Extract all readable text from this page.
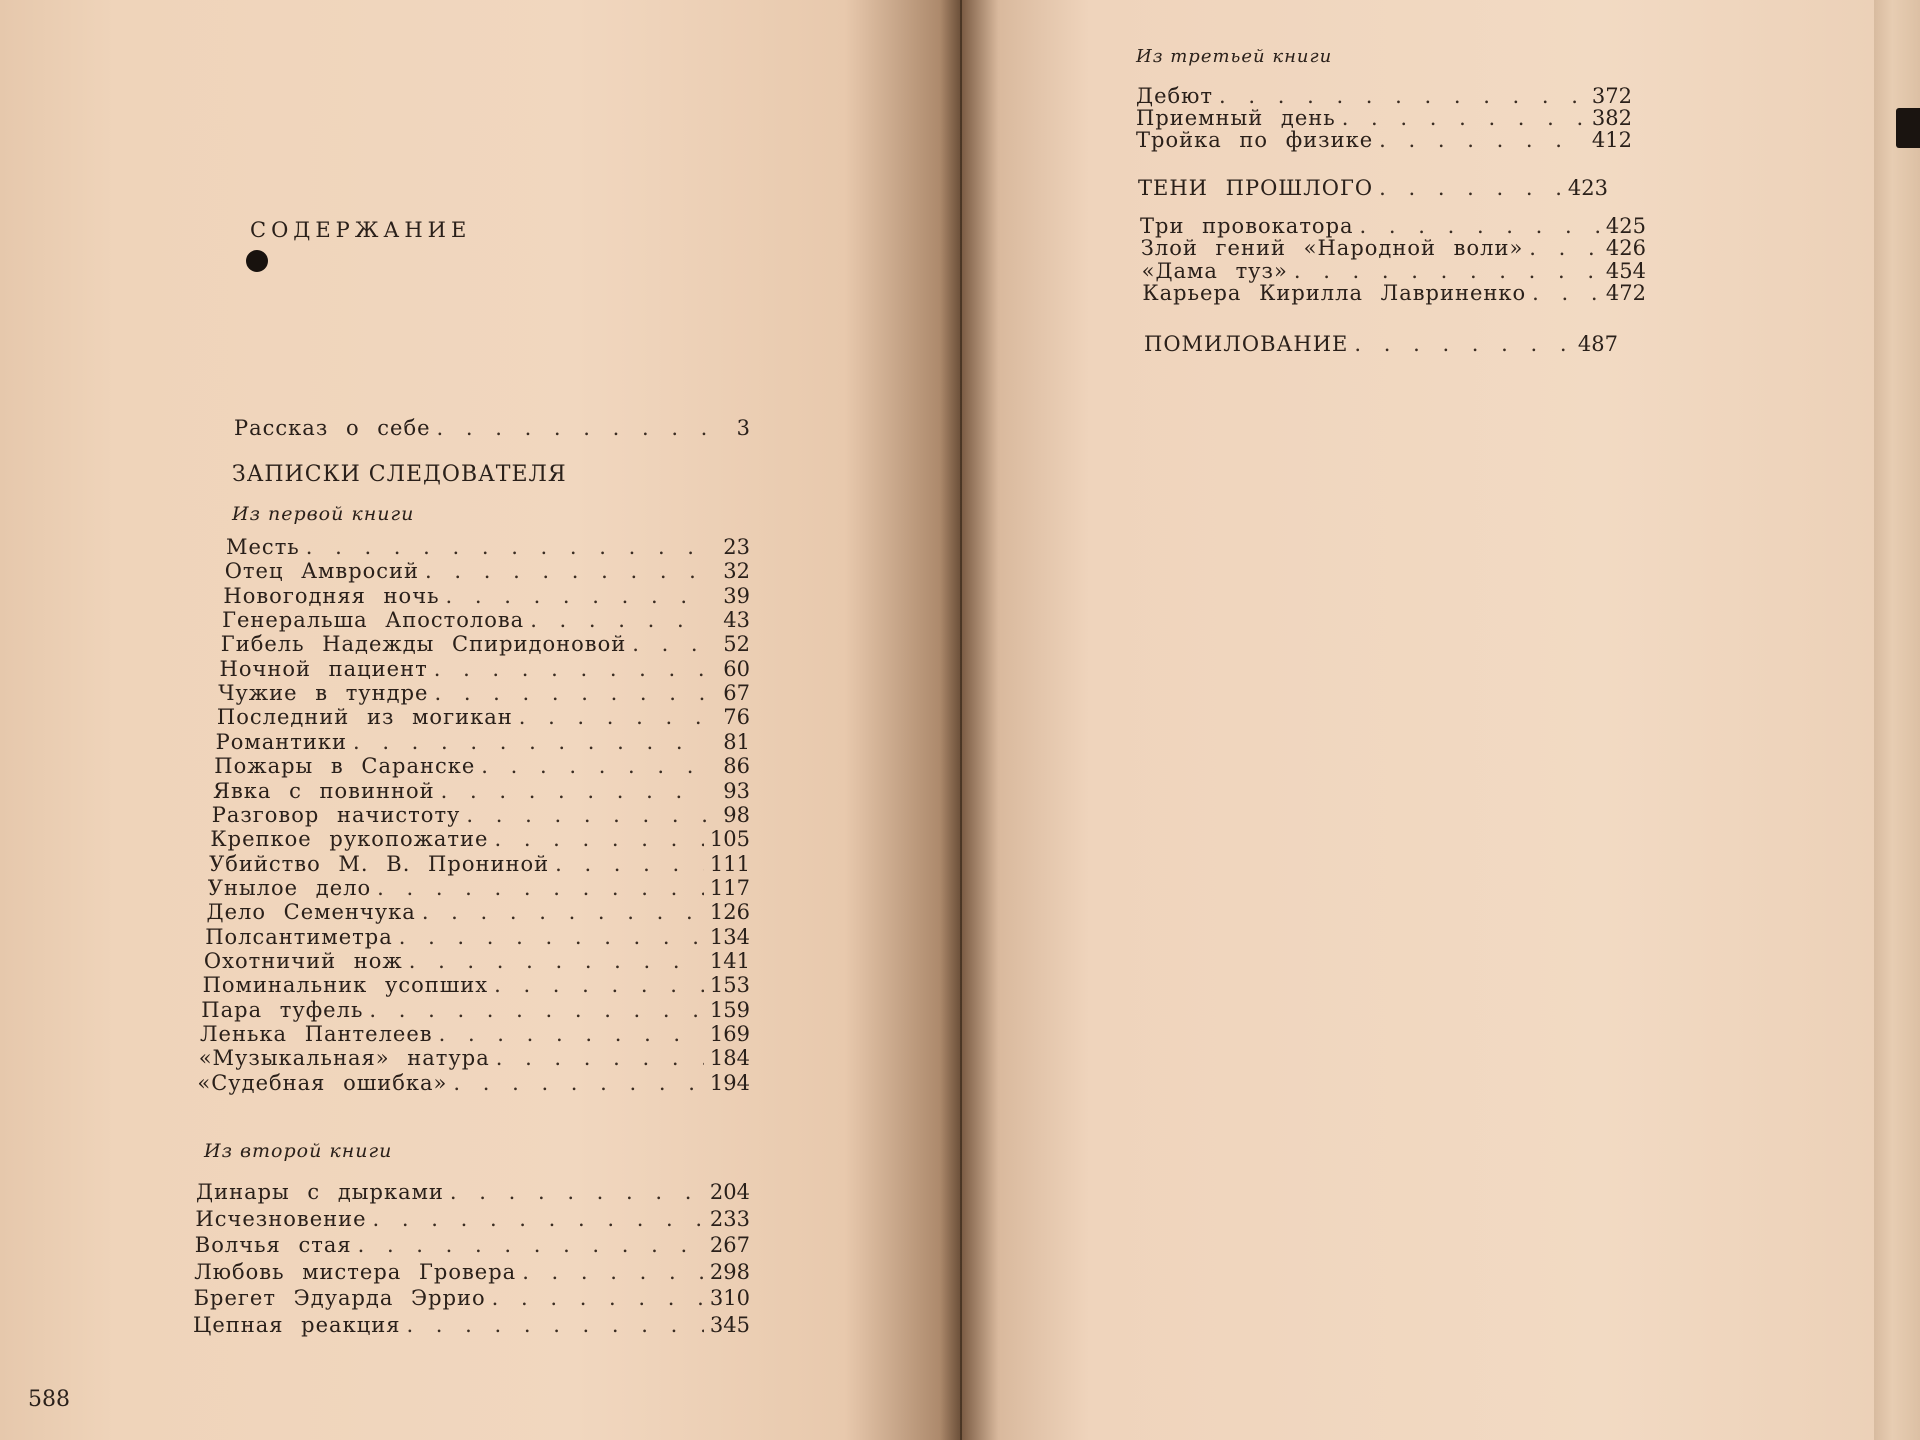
СОДЕРЖАНИЕ
Рассказ о себе . . .	3
ЗАПИСКИ СЛЕДОВАТЕЛЯ
Из первой книги
Месть . . .	23
Отец Амвросий . . .	32
Новогодняя ночь . . .	39
Генеральша Апостолова . . .	43
Гибель Надежды Спиридоновой . . .	52
Ночной пациент . . .	60
Чужие в тундре . . .	67
Последний из могикан . . .	76
Романтики . . .	81
Пожары в Саранске . . .	86
Явка с повинной . . .	93
Разговор начистоту . . .	98
Крепкое рукопожатие . . .	105
Убийство М. В. Прониной . . .	111
Унылое дело . . .	117
Дело Семенчука . . .	126
Полсантиметра . . .	134
Охотничий нож . . .	141
Поминальник усопших . . .	153
Пара туфель . . .	159
Ленька Пантелеев . . .	169
«Музыкальная» натура . . .	184
«Судебная ошибка» . . .	194
Из второй книги
Динары с дырками . . .	204
Исчезновение . . .	233
Волчья стая . . .	267
Любовь мистера Гровера . . .	298
Брегет Эдуарда Эррио . . .	310
Цепная реакция . . .	345
588
Из третьей книги
Дебют . . .	372
Приемный день . . .	382
Тройка по физике . . .	412
ТЕНИ ПРОШЛОГО . . .	423
Три провокатора . . .	425
Злой гений «Народной воли» . . .	426
«Дама туз» . . .	454
Карьера Кирилла Лавриненко . . .	472
ПОМИЛОВАНИЕ . . .	487
